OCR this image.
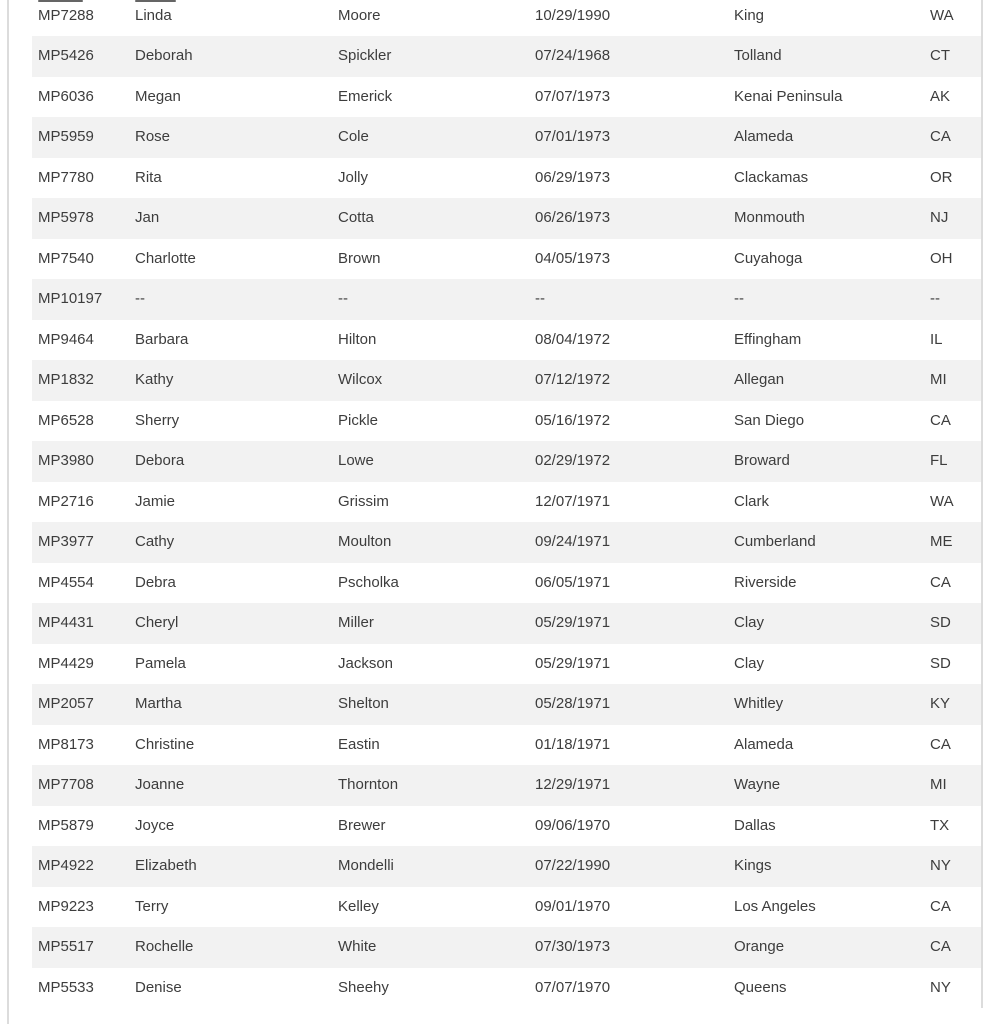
MP7288	Linda	Moore	10/29/1990	King	WA
MP5426	Deborah	Spickler	07/24/1968	Tolland	CT
MP6036	Megan	Emerick	07/07/1973	Kenai Peninsula	AK
MP5959	Rose	Cole	07/01/1973	Alameda	CA
MP7780	Rita	Jolly	06/29/1973	Clackamas	OR
MP5978	Jan	Cotta	06/26/1973	Monmouth	NJ
MP7540	Charlotte	Brown	04/05/1973	Cuyahoga	OH
MP10197	--	--	--	--	--
MP9464	Barbara	Hilton	08/04/1972	Effingham	IL
MP1832	Kathy	Wilcox	07/12/1972	Allegan	MI
MP6528	Sherry	Pickle	05/16/1972	San Diego	CA
MP3980	Debora	Lowe	02/29/1972	Broward	FL
MP2716	Jamie	Grissim	12/07/1971	Clark	WA
MP3977	Cathy	Moulton	09/24/1971	Cumberland	ME
MP4554	Debra	Pscholka	06/05/1971	Riverside	CA
MP4431	Cheryl	Miller	05/29/1971	Clay	SD
MP4429	Pamela	Jackson	05/29/1971	Clay	SD
MP2057	Martha	Shelton	05/28/1971	Whitley	KY
MP8173	Christine	Eastin	01/18/1971	Alameda	CA
MP7708	Joanne	Thornton	12/29/1971	Wayne	MI
MP5879	Joyce	Brewer	09/06/1970	Dallas	TX
MP4922	Elizabeth	Mondelli	07/22/1990	Kings	NY
MP9223	Terry	Kelley	09/01/1970	Los Angeles	CA
MP5517	Rochelle	White	07/30/1973	Orange	CA
MP5533	Denise	Sheehy	07/07/1970	Queens	NY
